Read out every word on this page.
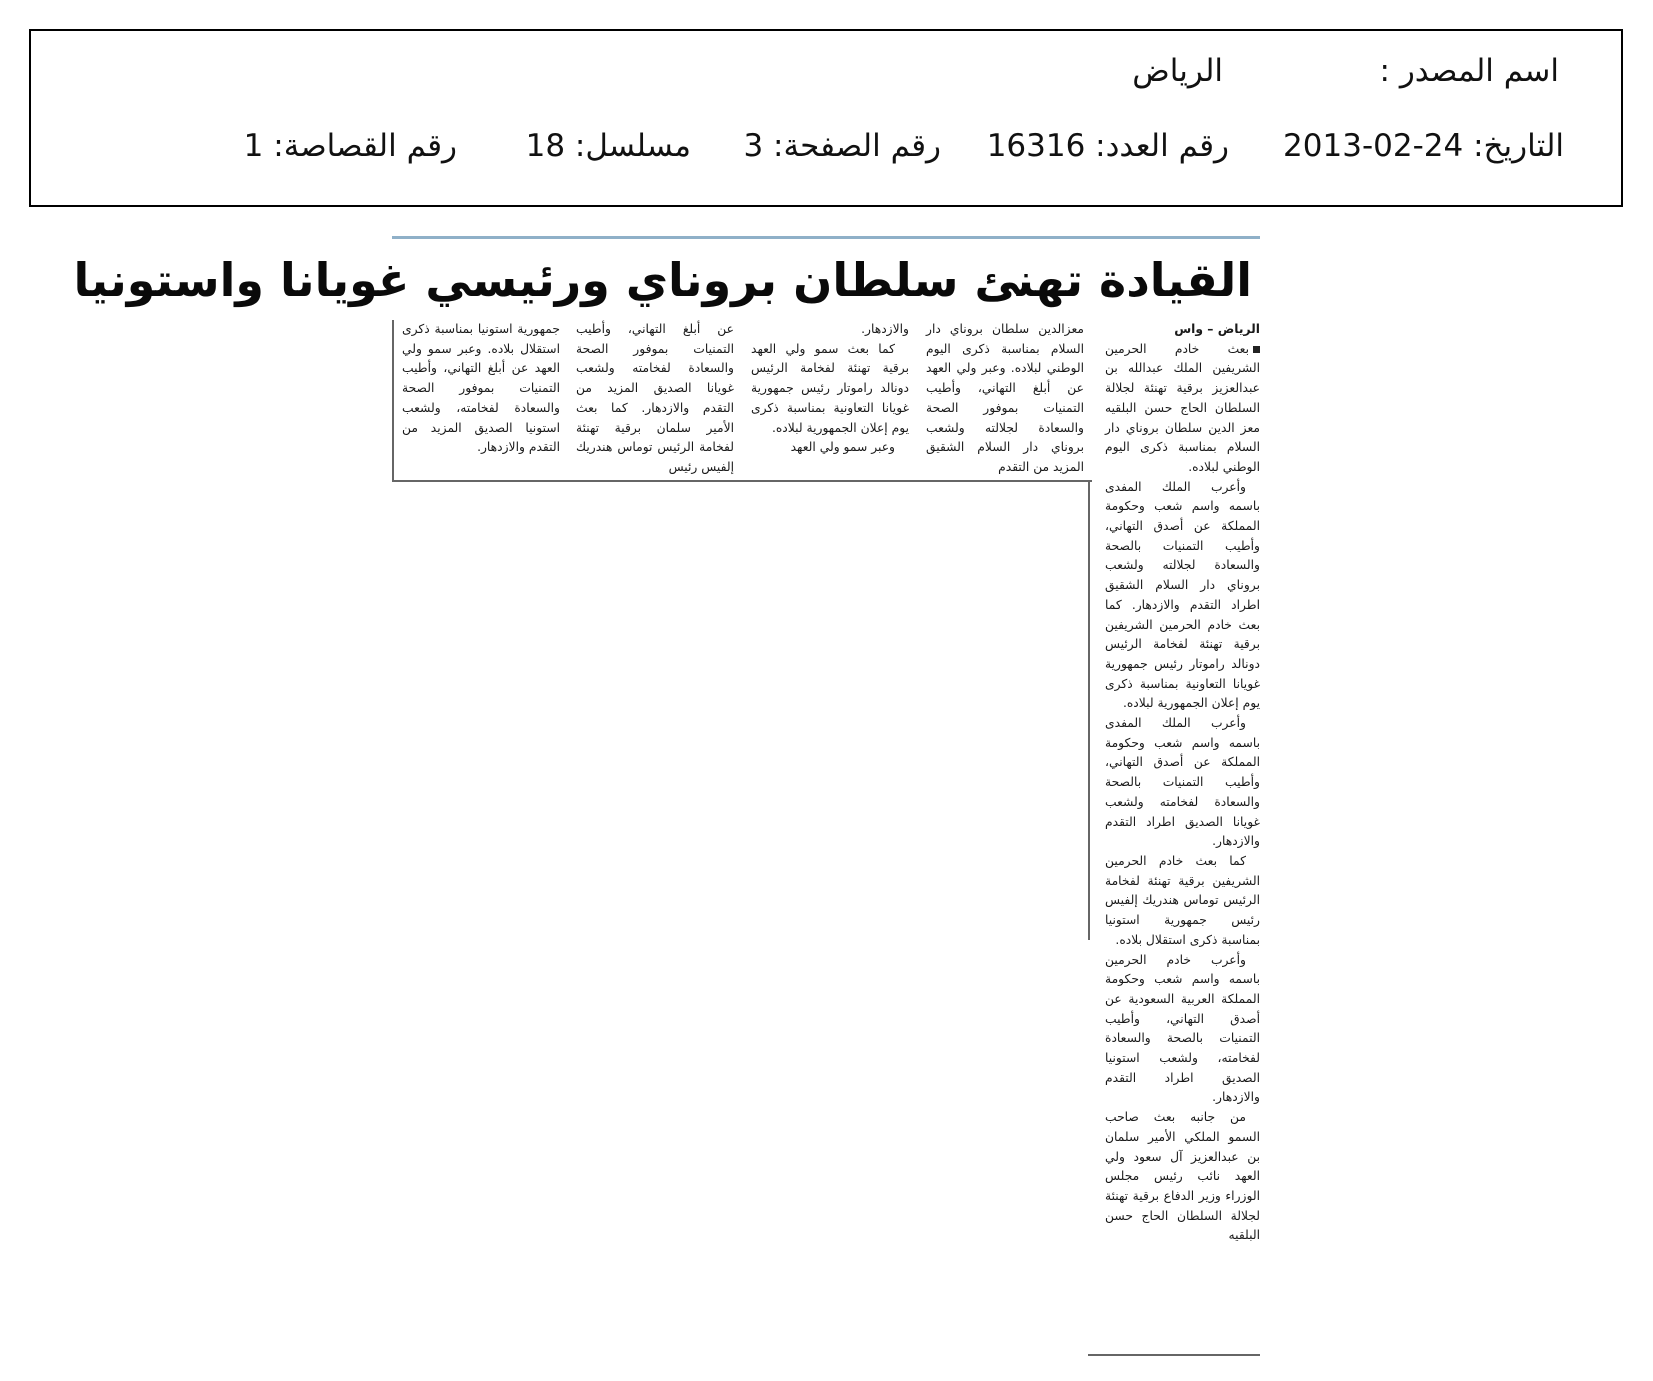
اسم المصدر :
الرياض
التاريخ: 24-02-2013
رقم العدد: 16316
رقم الصفحة: 3
مسلسل: 18
رقم القصاصة: 1
القيادة تهنئ سلطان بروناي ورئيسي غويانا واستونيا
الرياض – واس

بعث خادم الحرمين الشريفين الملك عبدالله بن عبدالعزيز برقية تهنئة لجلالة السلطان الحاج حسن البلقيه معز الدين سلطان بروناي دار السلام بمناسبة ذكرى اليوم الوطني لبلاده.

وأعرب الملك المفدى باسمه واسم شعب وحكومة المملكة عن أصدق التهاني، وأطيب التمنيات بالصحة والسعادة لجلالته ولشعب بروناي دار السلام الشقيق اطراد التقدم والازدهار. كما بعث خادم الحرمين الشريفين برقية تهنئة لفخامة الرئيس دونالد راموتار رئيس جمهورية غويانا التعاونية بمناسبة ذكرى يوم إعلان الجمهورية لبلاده.

وأعرب الملك المفدى باسمه واسم شعب وحكومة المملكة عن أصدق التهاني، وأطيب التمنيات بالصحة والسعادة لفخامته ولشعب غويانا الصديق اطراد التقدم والازدهار.

كما بعث خادم الحرمين الشريفين برقية تهنئة لفخامة الرئيس توماس هندريك إلفيس رئيس جمهورية استونيا بمناسبة ذكرى استقلال بلاده.

وأعرب خادم الحرمين باسمه واسم شعب وحكومة المملكة العربية السعودية عن أصدق التهاني، وأطيب التمنيات بالصحة والسعادة لفخامته، ولشعب استونيا الصديق اطراد التقدم والازدهار.

من جانبه بعث صاحب السمو الملكي الأمير سلمان بن عبدالعزيز آل سعود ولي العهد نائب رئيس مجلس الوزراء وزير الدفاع برقية تهنئة لجلالة السلطان الحاج حسن البلقيه

معزالدين سلطان بروناي دار السلام بمناسبة ذكرى اليوم الوطني لبلاده. وعبر ولي العهد عن أبلغ التهاني، وأطيب التمنيات بموفور الصحة والسعادة لجلالته ولشعب بروناي دار السلام الشقيق المزيد من التقدم

والازدهار.

كما بعث سمو ولي العهد برقية تهنئة لفخامة الرئيس دونالد راموتار رئيس جمهورية غويانا التعاونية بمناسبة ذكرى يوم إعلان الجمهورية لبلاده.

وعبر سمو ولي العهد

عن أبلغ التهاني، وأطيب التمنيات بموفور الصحة والسعادة لفخامته ولشعب غويانا الصديق المزيد من التقدم والازدهار. كما بعث الأمير سلمان برقية تهنئة لفخامة الرئيس توماس هندريك إلفيس رئيس

جمهورية استونيا بمناسبة ذكرى استقلال بلاده. وعبر سمو ولي العهد عن أبلغ التهاني، وأطيب التمنيات بموفور الصحة والسعادة لفخامته، ولشعب استونيا الصديق المزيد من التقدم والازدهار.
